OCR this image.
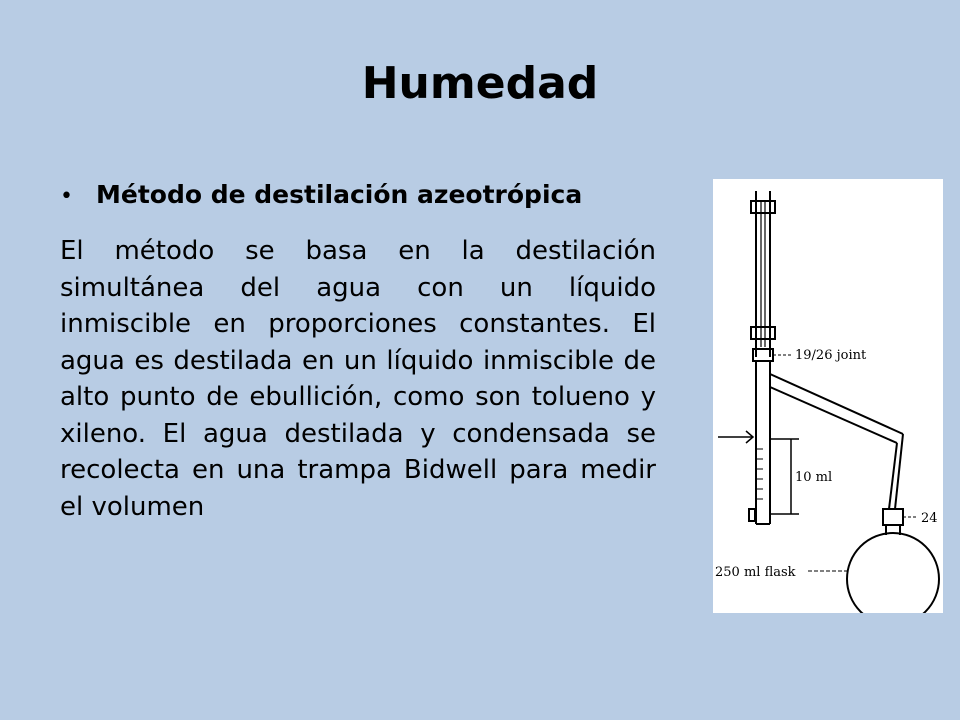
Humedad
• Método de destilación azeotrópica

El método se basa en la destilación simultánea del agua con un líquido inmiscible en proporciones constantes. El agua es destilada en un líquido inmiscible de alto punto de ebullición, como son tolueno y xileno. El agua destilada y condensada se recolecta en una trampa Bidwell para medir el volumen

19/26 joint
10 ml
250 ml flask
24
